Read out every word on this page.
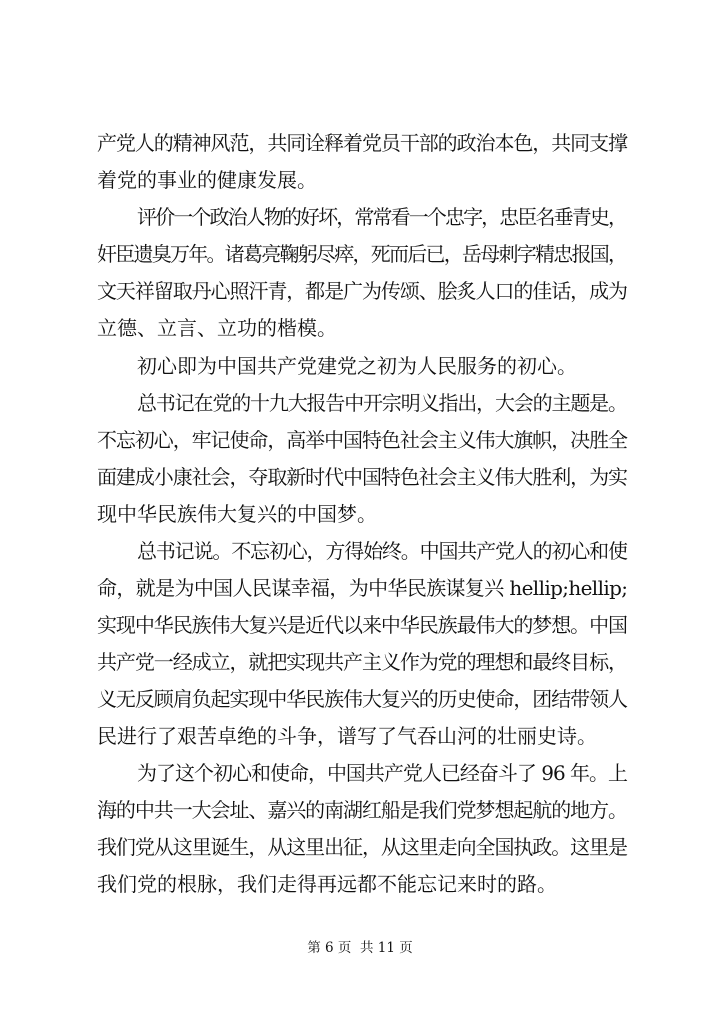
产党人的精神风范，共同诠释着党员干部的政治本色，共同支撑
着党的事业的健康发展。
评价一个政治人物的好坏，常常看一个忠字，忠臣名垂青史，
奸臣遗臭万年。诸葛亮鞠躬尽瘁，死而后已，岳母刺字精忠报国，
文天祥留取丹心照汗青，都是广为传颂、脍炙人口的佳话，成为
立德、立言、立功的楷模。
初心即为中国共产党建党之初为人民服务的初心。
总书记在党的十九大报告中开宗明义指出，大会的主题是。
不忘初心，牢记使命，高举中国特色社会主义伟大旗帜，决胜全
面建成小康社会，夺取新时代中国特色社会主义伟大胜利，为实
现中华民族伟大复兴的中国梦。
总书记说。不忘初心，方得始终。中国共产党人的初心和使
命，就是为中国人民谋幸福，为中华民族谋复兴 hellip;hellip;
实现中华民族伟大复兴是近代以来中华民族最伟大的梦想。中国
共产党一经成立，就把实现共产主义作为党的理想和最终目标，
义无反顾肩负起实现中华民族伟大复兴的历史使命，团结带领人
民进行了艰苦卓绝的斗争，谱写了气吞山河的壮丽史诗。
为了这个初心和使命，中国共产党人已经奋斗了 96 年。上
海的中共一大会址、嘉兴的南湖红船是我们党梦想起航的地方。
我们党从这里诞生，从这里出征，从这里走向全国执政。这里是
我们党的根脉，我们走得再远都不能忘记来时的路。
第 6 页  共 11 页
